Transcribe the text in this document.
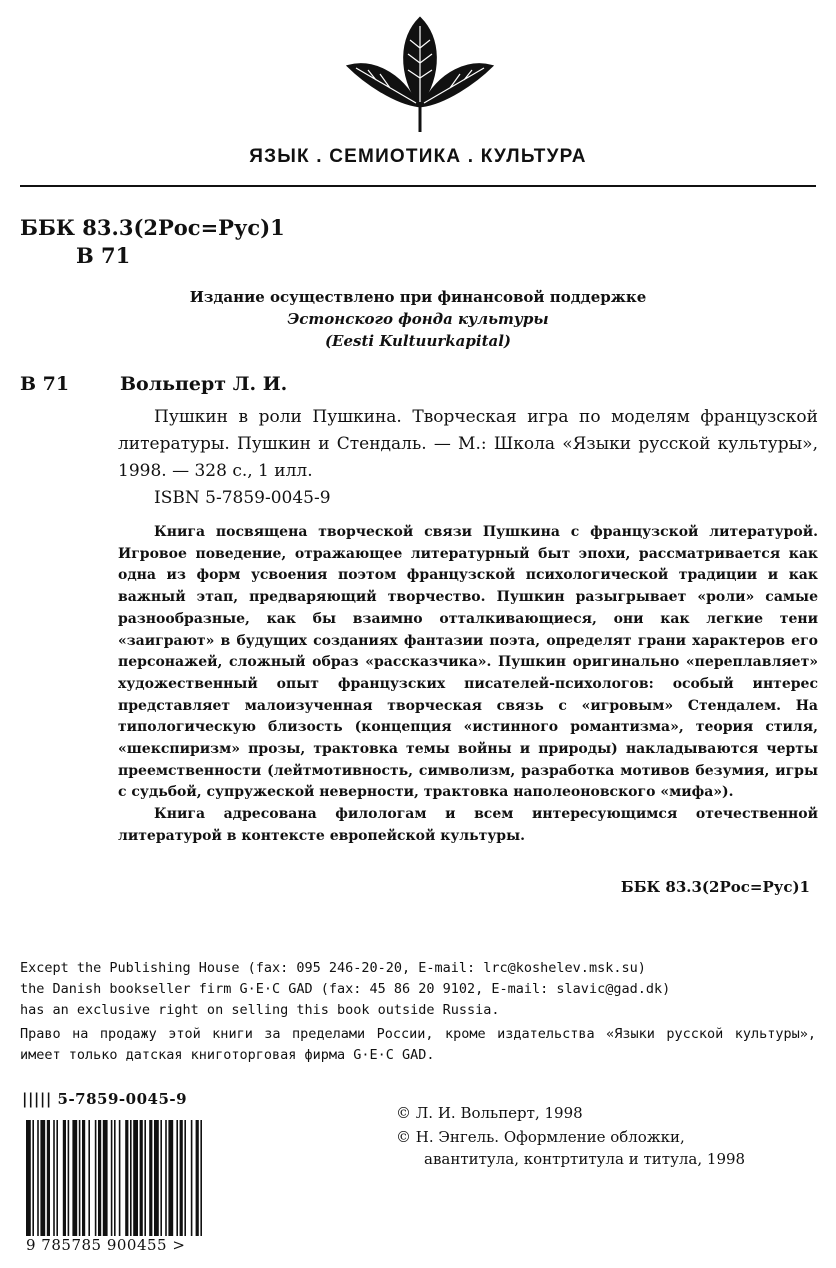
ЯЗЫК . СЕМИОТИКА . КУЛЬТУРА
ББК 83.3(2Рос=Рус)1
В 71
Издание осуществлено при финансовой поддержке
Эстонского фонда культуры
(Eesti Kultuurkapital)
В 71	Вольперт Л. И.

Пушкин в роли Пушкина. Творческая игра по моделям французской литературы. Пушкин и Стендаль. — М.: Школа «Языки русской культуры», 1998. — 328 с., 1 илл.

ISBN 5-7859-0045-9

Книга посвящена творческой связи Пушкина с французской литературой. Игровое поведение, отражающее литературный быт эпохи, рассматривается как одна из форм усвоения поэтом французской психологической традиции и как важный этап, предваряющий творчество. Пушкин разыгрывает «роли» самые разнообразные, как бы взаимно отталкивающиеся, они как легкие тени «заиграют» в будущих созданиях фантазии поэта, определят грани характеров его персонажей, сложный образ «рассказчика». Пушкин оригинально «переплавляет» художественный опыт французских писателей-психологов: особый интерес представляет малоизученная творческая связь с «игровым» Стендалем. На типологическую близость (концепция «истинного романтизма», теория стиля, «шекспиризм» прозы, трактовка темы войны и природы) накладываются черты преемственности (лейтмотивность, символизм, разработка мотивов безумия, игры с судьбой, супружеской неверности, трактовка наполеоновского «мифа»).

Книга адресована филологам и всем интересующимся отечественной литературой в контексте европейской культуры.

ББК 83.3(2Рос=Рус)1
Except the Publishing House (fax: 095 246-20-20, E-mail: lrc@koshelev.msk.su)
the Danish bookseller firm G·E·C GAD (fax: 45 86 20 9102, E-mail: slavic@gad.dk)
has an exclusive right on selling this book outside Russia.

Право на продажу этой книги за пределами России, кроме издательства «Языки русской культуры», имеет только датская книготорговая фирма G·E·C GAD.

||||| 5-7859-0045-9
9 785785 900455 >
© Л. И. Вольперт, 1998
© Н. Энгель. Оформление обложки,
авантитула, контртитула и титула, 1998
